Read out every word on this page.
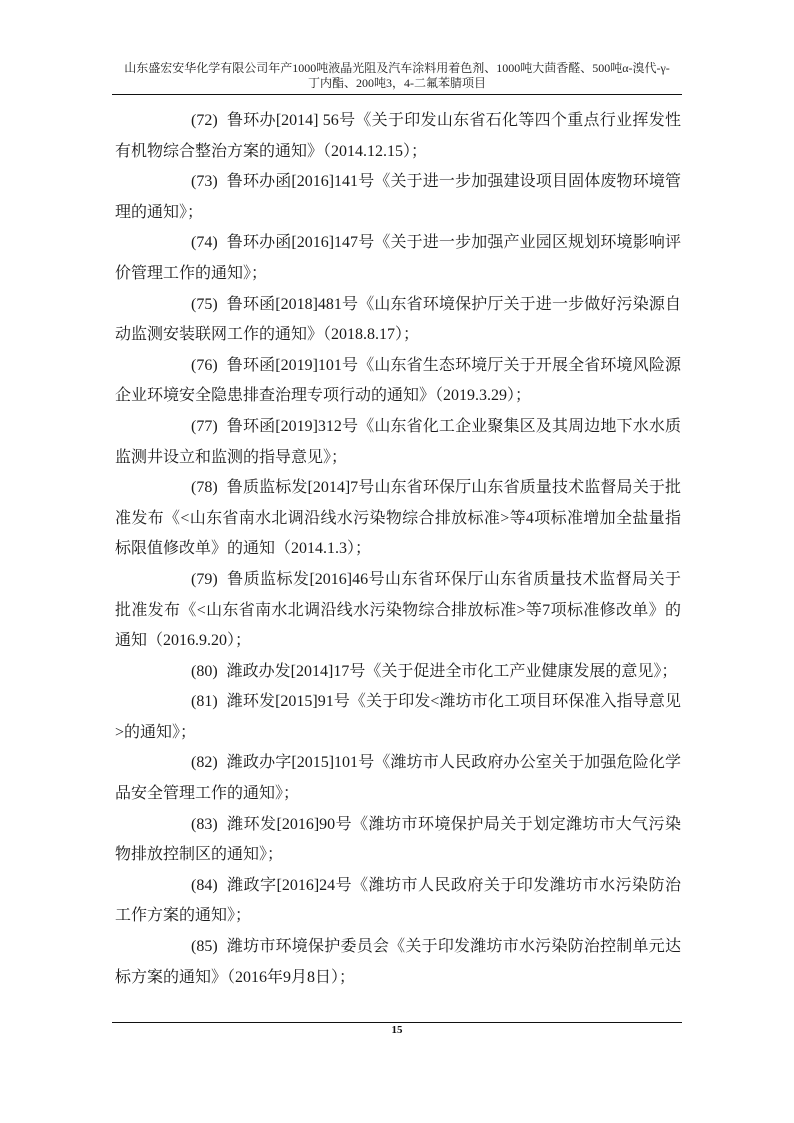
山东盛宏安华化学有限公司年产1000吨液晶光阻及汽车涂料用着色剂、1000吨大茴香醛、500吨α-溴代-γ-
丁内酯、200吨3，4-二氟苯腈项目

(72) 鲁环办[2014] 56号《关于印发山东省石化等四个重点行业挥发性有机物综合整治方案的通知》（2014.12.15）；

(73) 鲁环办函[2016]141号《关于进一步加强建设项目固体废物环境管理的通知》；

(74) 鲁环办函[2016]147号《关于进一步加强产业园区规划环境影响评价管理工作的通知》；

(75) 鲁环函[2018]481号《山东省环境保护厅关于进一步做好污染源自动监测安装联网工作的通知》（2018.8.17）；

(76) 鲁环函[2019]101号《山东省生态环境厅关于开展全省环境风险源企业环境安全隐患排查治理专项行动的通知》（2019.3.29）；

(77) 鲁环函[2019]312号《山东省化工企业聚集区及其周边地下水水质监测井设立和监测的指导意见》；

(78) 鲁质监标发[2014]7号山东省环保厅山东省质量技术监督局关于批准发布《<山东省南水北调沿线水污染物综合排放标准>等4项标准增加全盐量指标限值修改单》的通知（2014.1.3）；

(79) 鲁质监标发[2016]46号山东省环保厅山东省质量技术监督局关于批准发布《<山东省南水北调沿线水污染物综合排放标准>等7项标准修改单》的通知（2016.9.20）；

(80) 潍政办发[2014]17号《关于促进全市化工产业健康发展的意见》；

(81) 潍环发[2015]91号《关于印发<潍坊市化工项目环保准入指导意见>的通知》；

(82) 潍政办字[2015]101号《潍坊市人民政府办公室关于加强危险化学品安全管理工作的通知》；

(83) 潍环发[2016]90号《潍坊市环境保护局关于划定潍坊市大气污染物排放控制区的通知》；

(84) 潍政字[2016]24号《潍坊市人民政府关于印发潍坊市水污染防治工作方案的通知》；

(85) 潍坊市环境保护委员会《关于印发潍坊市水污染防治控制单元达标方案的通知》（2016年9月8日）；

15
